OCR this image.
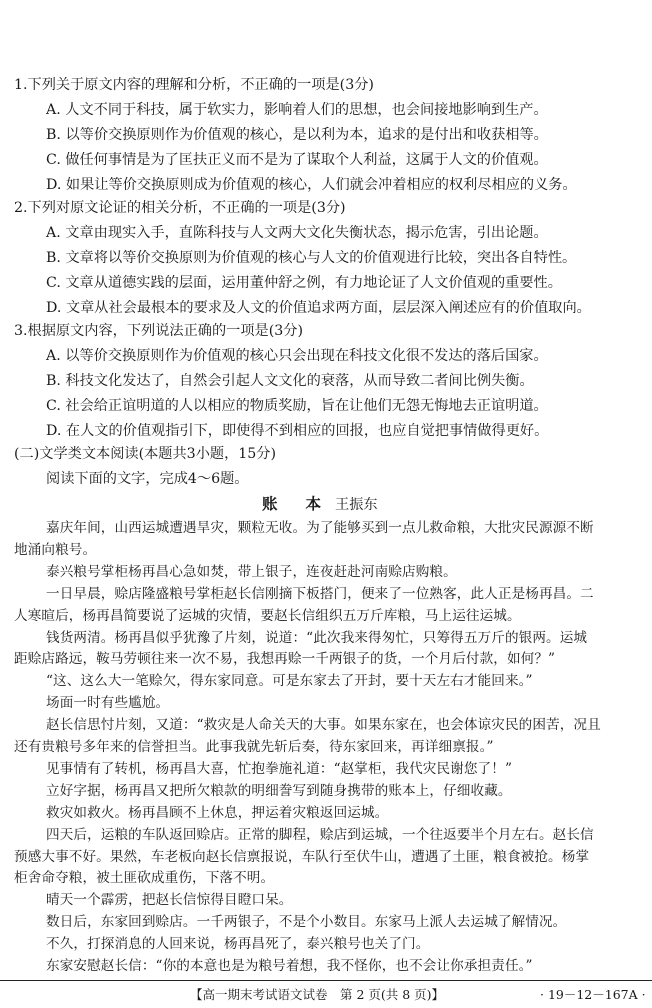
1.下列关于原文内容的理解和分析，不正确的一项是(3分)
A. 人文不同于科技，属于软实力，影响着人们的思想，也会间接地影响到生产。
B. 以等价交换原则作为价值观的核心，是以利为本，追求的是付出和收获相等。
C. 做任何事情是为了匡扶正义而不是为了谋取个人利益，这属于人文的价值观。
D. 如果让等价交换原则成为价值观的核心，人们就会冲着相应的权利尽相应的义务。
2.下列对原文论证的相关分析，不正确的一项是(3分)
A. 文章由现实入手，直陈科技与人文两大文化失衡状态，揭示危害，引出论题。
B. 文章将以等价交换原则为价值观的核心与人文的价值观进行比较，突出各自特性。
C. 文章从道德实践的层面，运用董仲舒之例，有力地论证了人文价值观的重要性。
D. 文章从社会最根本的要求及人文的价值追求两方面，层层深入阐述应有的价值取向。
3.根据原文内容，下列说法正确的一项是(3分)
A. 以等价交换原则作为价值观的核心只会出现在科技文化很不发达的落后国家。
B. 科技文化发达了，自然会引起人文文化的衰落，从而导致二者间比例失衡。
C. 社会给正谊明道的人以相应的物质奖励，旨在让他们无怨无悔地去正谊明道。
D. 在人文的价值观指引下，即使得不到相应的回报，也应自觉把事情做得更好。
(二)文学类文本阅读(本题共3小题，15分)
阅读下面的文字，完成4～6题。
账 本 王振东
嘉庆年间，山西运城遭遇旱灾，颗粒无收。为了能够买到一点儿救命粮，大批灾民源源不断
地涌向粮号。
泰兴粮号掌柜杨再昌心急如焚，带上银子，连夜赶赴河南赊店购粮。
一日早晨，赊店隆盛粮号掌柜赵长信刚摘下板搭门，便来了一位熟客，此人正是杨再昌。二
人寒暄后，杨再昌简要说了运城的灾情，要赵长信组织五万斤库粮，马上运往运城。
钱货两清。杨再昌似乎犹豫了片刻，说道：“此次我来得匆忙，只筹得五万斤的银两。运城
距赊店路远，鞍马劳顿往来一次不易，我想再赊一千两银子的货，一个月后付款，如何？”
“这、这么大一笔赊欠，得东家同意。可是东家去了开封，要十天左右才能回来。”
场面一时有些尴尬。
赵长信思忖片刻，又道：“救灾是人命关天的大事。如果东家在，也会体谅灾民的困苦，况且
还有贵粮号多年来的信誉担当。此事我就先斩后奏，待东家回来，再详细禀报。”
见事情有了转机，杨再昌大喜，忙抱拳施礼道：“赵掌柜，我代灾民谢您了！”
立好字据，杨再昌又把所欠粮款的明细誊写到随身携带的账本上，仔细收藏。
救灾如救火。杨再昌顾不上休息，押运着灾粮返回运城。
四天后，运粮的车队返回赊店。正常的脚程，赊店到运城，一个往返要半个月左右。赵长信
预感大事不好。果然，车老板向赵长信禀报说，车队行至伏牛山，遭遇了土匪，粮食被抢。杨掌
柜舍命夺粮，被土匪砍成重伤，下落不明。
晴天一个霹雳，把赵长信惊得目瞪口呆。
数日后，东家回到赊店。一千两银子，不是个小数目。东家马上派人去运城了解情况。
不久，打探消息的人回来说，杨再昌死了，泰兴粮号也关了门。
东家安慰赵长信：“你的本意也是为粮号着想，我不怪你，也不会让你承担责任。”
【高一期末考试语文试卷　第 2 页(共 8 页)】	· 19－12－167A ·
